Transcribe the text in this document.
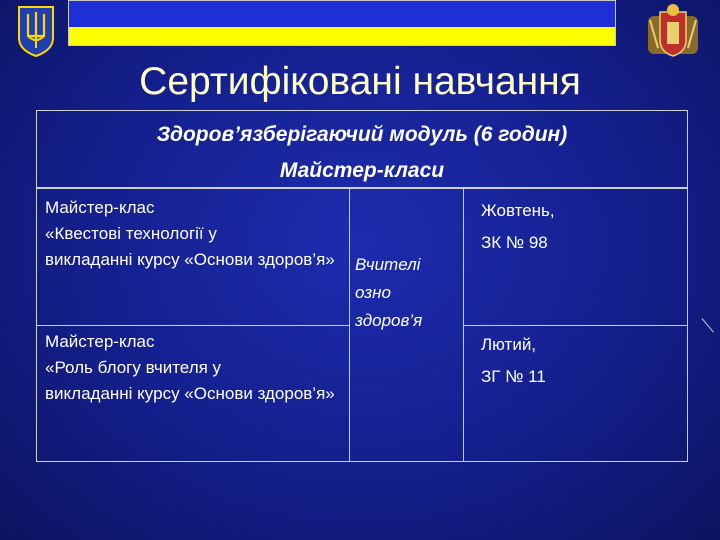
Сертифіковані навчання
Здоров’язберігаючий модуль (6 годин)
Майстер-класи
Майстер-клас
«Квестові технології у
викладанні курсу «Основи здоров’я»
Жовтень,
ЗК № 98
Майстер-клас
«Роль блогу вчителя у
викладанні курсу «Основи здоров’я»
Лютий,
ЗГ № 11
Вчителі
озно
здоров’я
